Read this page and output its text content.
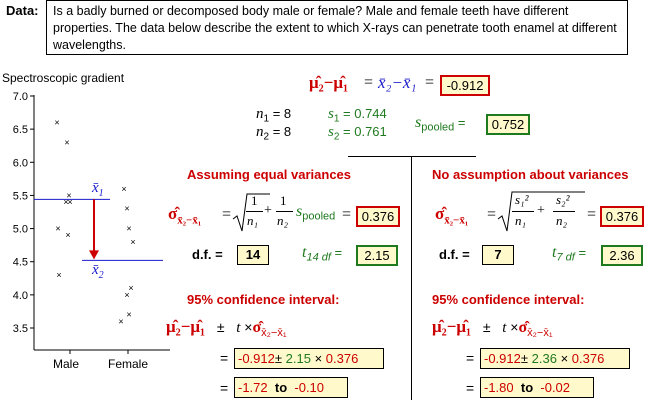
Data:	Is a badly burned or decomposed body male or female? Male and female teeth have different properties. The data below describe the extent to which X-rays can penetrate tooth enamel at different wavelengths.
Spectroscopic gradient
7.0
6.5
6.0
5.5
5.0
4.5
4.0
3.5
×
×
×
×
×
×
×
×
×
×
×
×
×
×
×
×
Male Female
$x̄_1$
$x̄_2$
μ̂₂−μ̂₁ = x̄₂−x̄₁ = -0.912
$n_1 = 8$
$n_2 = 8$
$s_1 = 0.744$
$s_2 = 0.761$
$s_{pooled}$ =	0.752
Assuming equal variances
$\sigmâ_{x̄_2-x̄_1}$ =
1
n₁
+
1
n₂
$s_{pooled} = 0.376$
d.f. =	14	$t_{14 df}$ =	2.15
95% confidence interval:
μ̂₂−μ̂₁ ± $t \times\sigmâ_{x̄_2-x̄_1}$
= -0.912± 2.15 × 0.376
= -1.72 to -0.10
No assumption about variances
$\sigmâ_{x̄_2-x̄_1}$ =
s₁²
n₁
+
s₂²
n₂ = 0.376
d.f. =	7	$t_{7 df}$ =	2.36
95% confidence interval:
μ̂₂−μ̂₁ ± $t \times\sigmâ_{x̄_2-x̄_1}$
= -0.912± 2.36 × 0.376
= -1.80 to -0.02
